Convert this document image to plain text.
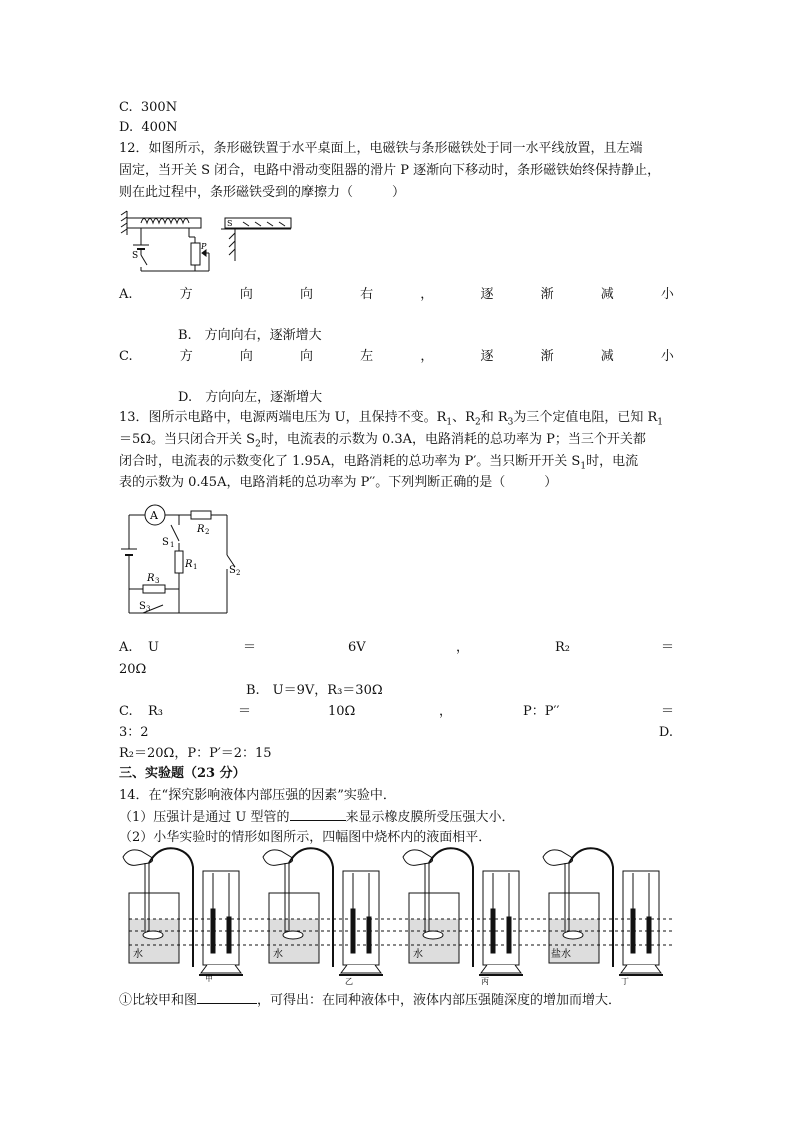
C.  300N
D.  400N
12．如图所示，条形磁铁置于水平桌面上，电磁铁与条形磁铁处于同一水平线放置，且左端
固定，当开关 S 闭合，电路中滑动变阻器的滑片 P 逐渐向下移动时，条形磁铁始终保持静止，
则在此过程中，条形磁铁受到的摩擦力（　　　）
S
S
P
A.	方	向	向	右	，	逐	渐	减	小
B.　方向向右，逐渐增大
C.	方	向	向	左	，	逐	渐	减	小
D.　方向向左，逐渐增大
13．图所示电路中，电源两端电压为 U，且保持不变。$R_1$、$R_2$和 $R_3$为三个定值电阻，已知 $R_1$
＝5Ω。当只闭合开关 $S_2$时，电流表的示数为 0.3A，电路消耗的总功率为 P；当三个开关都
闭合时，电流表的示数变化了 1.95A，电路消耗的总功率为 P′。当只断开开关 $S_1$时，电流
表的示数为 0.45A，电路消耗的总功率为 P′′。下列判断正确的是（　　　）
A
R 2
S 1
R 1	S 2
R 3
S 3
A. U	＝	6V	，	R₂	＝
20Ω
B.　U＝9V，R₃＝30Ω
C. R₃	＝	10Ω	，	P：P′′	＝
3：2	D.
R₂＝20Ω，P：P′＝2：15
三、实验题（23 分）
14．在“探究影响液体内部压强的因素”实验中．
（1）压强计是通过 U 型管的	来显示橡皮膜所受压强大小．
（2）小华实验时的情形如图所示，四幅图中烧杯内的液面相平．
水	水	水	盐水
甲	乙	丙	丁
①比较甲和图	，可得出：在同种液体中，液体内部压强随深度的增加而增大．
